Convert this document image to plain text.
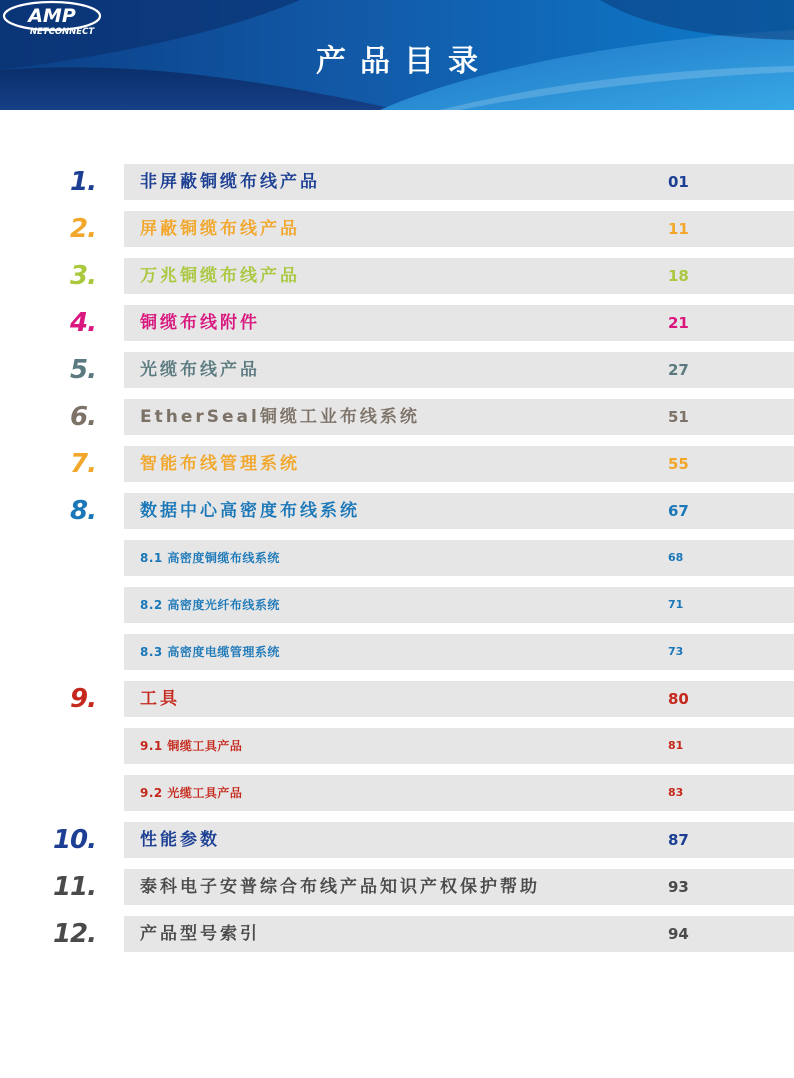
产品目录
AMP
NETCONNECT
1.	非屏蔽铜缆布线产品	01
2.	屏蔽铜缆布线产品	11
3.	万兆铜缆布线产品	18
4.	铜缆布线附件	21
5.	光缆布线产品	27
6.	EtherSeal铜缆工业布线系统	51
7.	智能布线管理系统	55
8.	数据中心高密度布线系统	67
8.1 高密度铜缆布线系统	68
8.2 高密度光纤布线系统	71
8.3 高密度电缆管理系统	73
9.	工具	80
9.1 铜缆工具产品	81
9.2 光缆工具产品	83
10.	性能参数	87
11.	泰科电子安普综合布线产品知识产权保护帮助	93
12.	产品型号索引	94
